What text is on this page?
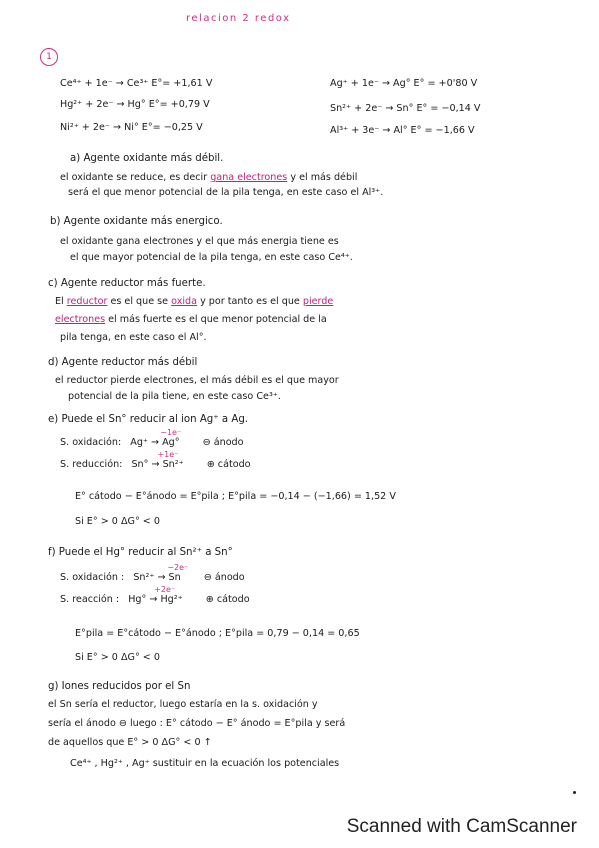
relacion 2 redox
1
Ce⁴⁺ + 1e⁻ → Ce³⁺ E°= +1,61 V	Ag⁺ + 1e⁻ → Ag° E° = +0'80 V
Hg²⁺ + 2e⁻ → Hg° E°= +0,79 V	Sn²⁺ + 2e⁻ → Sn° E° = −0,14 V
Ni²⁺ + 2e⁻ → Ni° E°= −0,25 V	Al³⁺ + 3e⁻ → Al° E° = −1,66 V
a) Agente oxidante más débil.
el oxidante se reduce, es decir gana electrones y el más débil
será el que menor potencial de la pila tenga, en este caso el Al³⁺.
b) Agente oxidante más energico.
el oxidante gana electrones y el que más energia tiene es
el que mayor potencial de la pila tenga, en este caso Ce⁴⁺.
c) Agente reductor más fuerte.
El reductor es el que se oxida y por tanto es el que pierde
electrones el más fuerte es el que menor potencial de la
pila tenga, en este caso el Al°.
d) Agente reductor más débil
el reductor pierde electrones, el más débil es el que mayor
potencial de la pila tiene, en este caso Ce³⁺.
e) Puede el Sn° reducir al ion Ag⁺ a Ag.
S. oxidación:
−1e⁻
Ag⁺ → Ag° ⊖ ánodo
S. reducción:
+1e⁻
Sn° → Sn²⁺ ⊕ cátodo
E° cátodo − E°ánodo = E°pila ; E°pila = −0,14 − (−1,66) = 1,52 V
Si E° > 0 ΔG° < 0
f) Puede el Hg° reducir al Sn²⁺ a Sn°
S. oxidación :
−2e⁻
Sn²⁺ → Sn ⊖ ánodo
S. reacción :
+2e⁻
Hg° → Hg²⁺ ⊕ cátodo
E°pila = E°cátodo − E°ánodo ; E°pila = 0,79 − 0,14 = 0,65
Si E° > 0 ΔG° < 0
g) Iones reducidos por el Sn
el Sn sería el reductor, luego estaría en la s. oxidación y
sería el ánodo ⊖ luego : E° cátodo − E° ánodo = E°pila y será
de aquellos que E° > 0 ΔG° < 0 ↑
Ce⁴⁺ , Hg²⁺ , Ag⁺ sustituir en la ecuación los potenciales
Scanned with CamScanner
